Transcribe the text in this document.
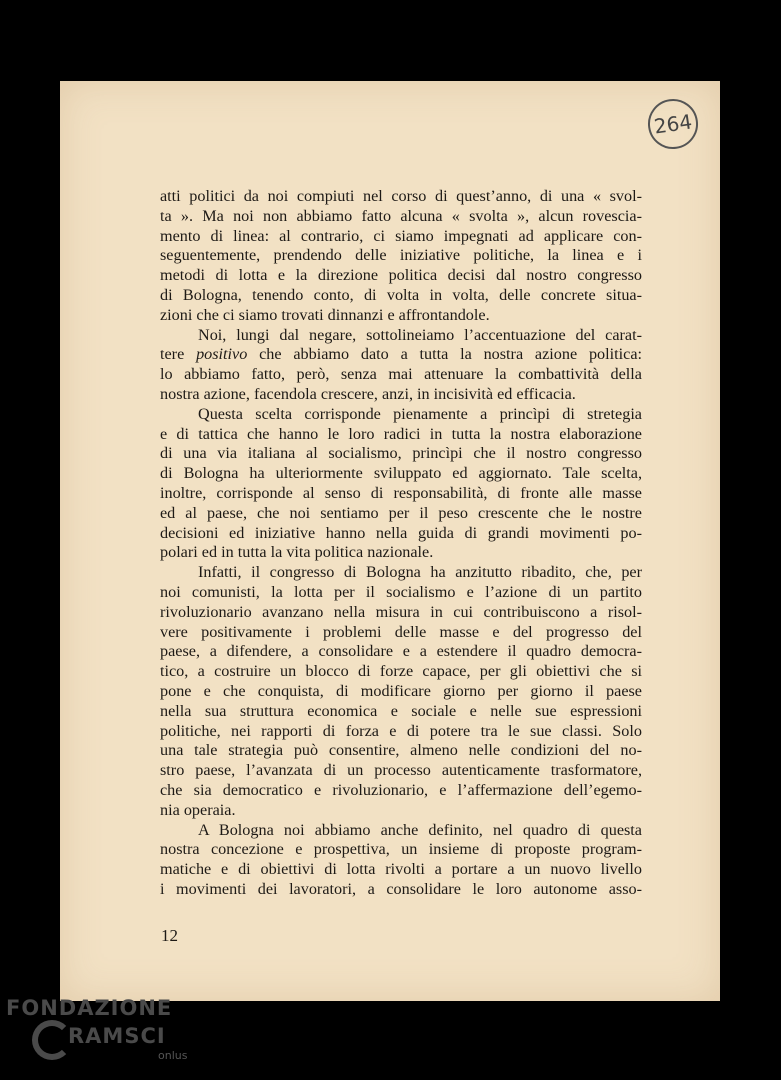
264

atti politici da noi compiuti nel corso di quest’anno, di una « svol-

ta ». Ma noi non abbiamo fatto alcuna « svolta », alcun rovescia-

mento di linea: al contrario, ci siamo impegnati ad applicare con-

seguentemente, prendendo delle iniziative politiche, la linea e i

metodi di lotta e la direzione politica decisi dal nostro congresso

di Bologna, tenendo conto, di volta in volta, delle concrete situa-

zioni che ci siamo trovati dinnanzi e affrontandole.

Noi, lungi dal negare, sottolineiamo l’accentuazione del carat-

tere positivo che abbiamo dato a tutta la nostra azione politica:

lo abbiamo fatto, però, senza mai attenuare la combattività della

nostra azione, facendola crescere, anzi, in incisività ed efficacia.

Questa scelta corrisponde pienamente a princìpi di stretegia

e di tattica che hanno le loro radici in tutta la nostra elaborazione

di una via italiana al socialismo, princìpi che il nostro congresso

di Bologna ha ulteriormente sviluppato ed aggiornato. Tale scelta,

inoltre, corrisponde al senso di responsabilità, di fronte alle masse

ed al paese, che noi sentiamo per il peso crescente che le nostre

decisioni ed iniziative hanno nella guida di grandi movimenti po-

polari ed in tutta la vita politica nazionale.

Infatti, il congresso di Bologna ha anzitutto ribadito, che, per

noi comunisti, la lotta per il socialismo e l’azione di un partito

rivoluzionario avanzano nella misura in cui contribuiscono a risol-

vere positivamente i problemi delle masse e del progresso del

paese, a difendere, a consolidare e a estendere il quadro democra-

tico, a costruire un blocco di forze capace, per gli obiettivi che si

pone e che conquista, di modificare giorno per giorno il paese

nella sua struttura economica e sociale e nelle sue espressioni

politiche, nei rapporti di forza e di potere tra le sue classi. Solo

una tale strategia può consentire, almeno nelle condizioni del no-

stro paese, l’avanzata di un processo autenticamente trasformatore,

che sia democratico e rivoluzionario, e l’affermazione dell’egemo-

nia operaia.

A Bologna noi abbiamo anche definito, nel quadro di questa

nostra concezione e prospettiva, un insieme di proposte program-

matiche e di obiettivi di lotta rivolti a portare a un nuovo livello

i movimenti dei lavoratori, a consolidare le loro autonome asso-

12
FONDAZIONE
RAMSCI
onlus
